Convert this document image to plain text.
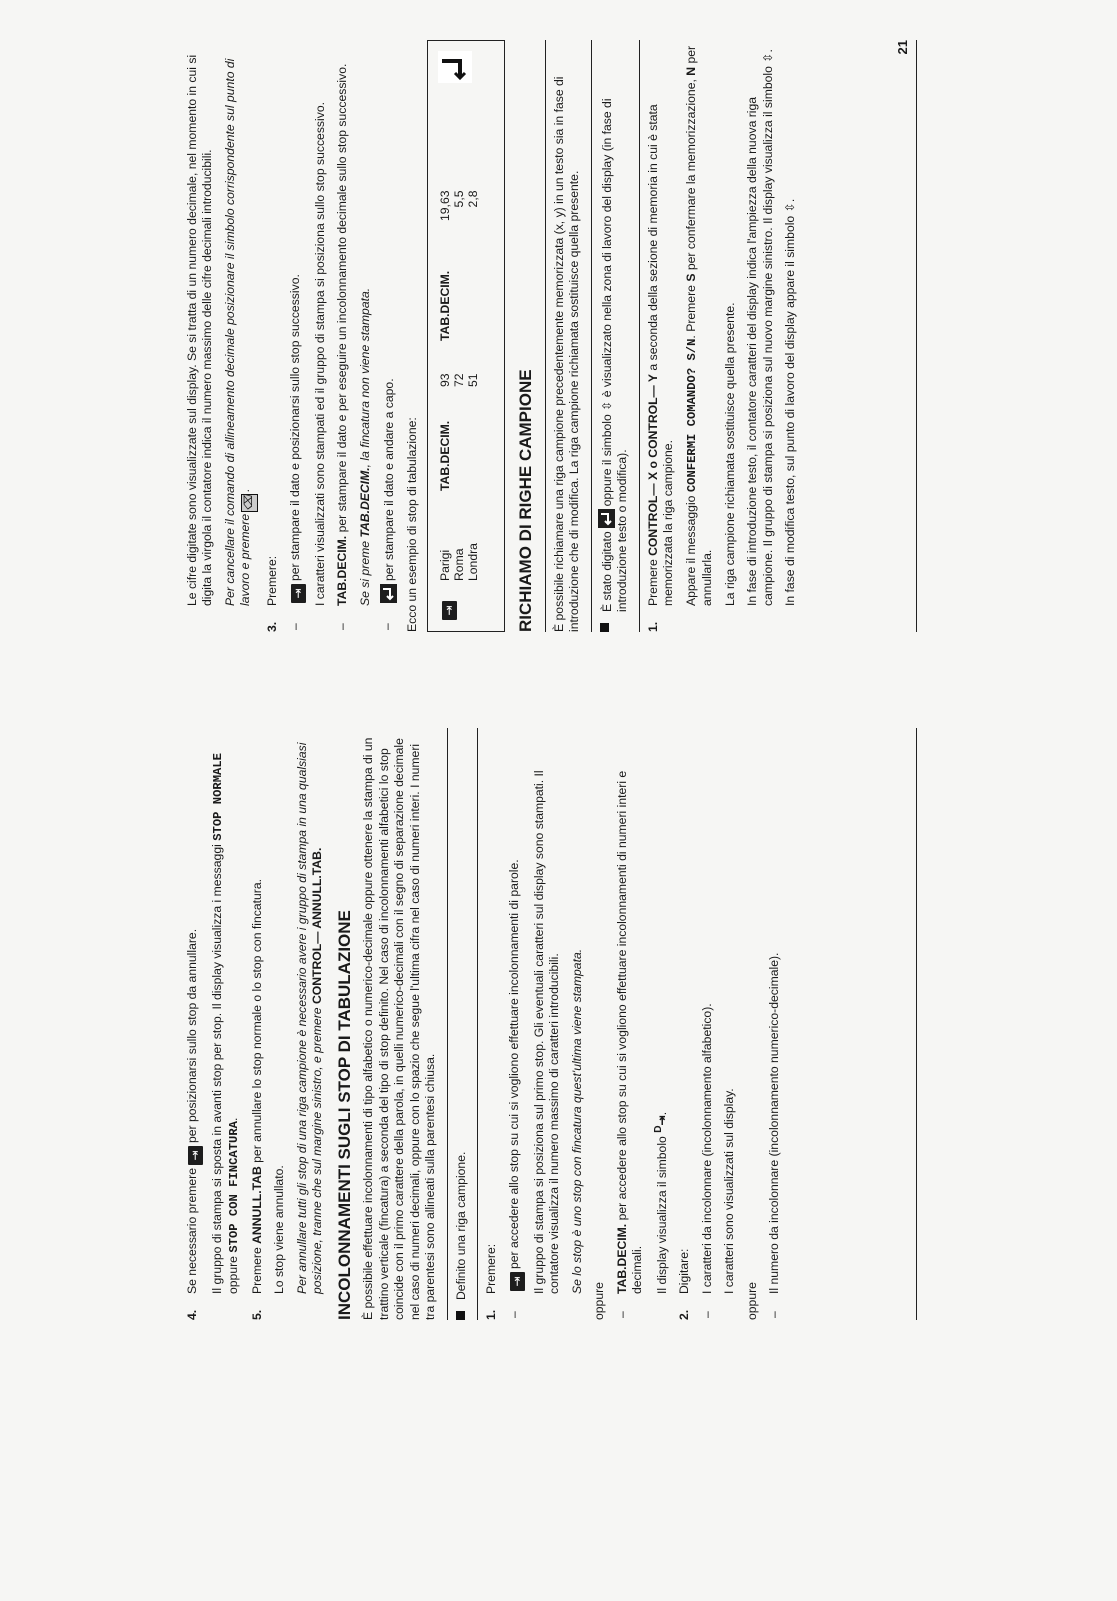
4.

Se necessario premere⇥per posizionarsi sullo stop da annullare. Il gruppo di stampa si sposta in avanti stop per stop. Il display visualizza i messaggi STOP NORMALE oppure STOP CON FINCATURA.

5.

Premere ANNULL.TAB per annullare lo stop normale o lo stop con fincatura.

Lo stop viene annullato. Per annullare tutti gli stop di una riga campione è necessario avere i gruppo di stampa in una qualsiasi posizione, tranne che sul margine sinistro, e premere CONTROL— ANNULL.TAB. INCOLONNAMENTI SUGLI STOP DI TABULAZIONE È possibile effettuare incolonnamenti di tipo alfabetico o numerico-decimale oppure ottenere la stampa di un trattino verticale (fincatura) a seconda del tipo di stop definito. Nel caso di incolonnamenti alfabetici lo stop coincide con il primo carattere della parola, in quelli numerico-decimali con il segno di separazione decimale nel caso di numeri decimali, oppure con lo spazio che segue l'ultima cifra nel caso di numeri interi. I numeri tra parentesi sono allineati sulla parentesi chiusa. Definito una riga campione.
1.

Premere:

–

⇥per accedere allo stop su cui si vogliono effettuare incolonnamenti di parole. Il gruppo di stampa si posiziona sul primo stop. Gli eventuali caratteri sul display sono stampati. Il contatore visualizza il numero massimo di caratteri introducibili. Se lo stop è uno stop con fincatura quest'ultima viene stampata.

oppure –

TAB.DECIM. per accedere allo stop su cui si vogliono effettuare incolonnamenti di numeri interi e decimali. Il display visualizza il simbolo $^D$⇥.

2.

Digitare:

–

I caratteri da incolonnare (incolonnamento alfabetico). I caratteri sono visualizzati sul display.

oppure –

Il numero da incolonnare (incolonnamento numerico-decimale).

Le cifre digitate sono visualizzate sul display. Se si tratta di un numero decimale, nel momento in cui si digita la virgola il contatore indica il numero massimo delle cifre decimali introducibili. Per cancellare il comando di allineamento decimale posizionare il simbolo corrispondente sul punto di lavoro e premere⌫.

3.

Premere:

–

⇥per stampare il dato e posizionarsi sullo stop successivo. I caratteri visualizzati sono stampati ed il gruppo di stampa si posiziona sullo stop successivo.

–

TAB.DECIM. per stampare il dato e per eseguire un incolonnamento decimale sullo stop successivo.

Se si preme TAB.DECIM., la fincatura non viene stampata.

–

per stampare il dato e andare a capo. Ecco un esempio di stop di tabulazione: ⇥
Parigi Roma Londra
TAB.DECIM.
93 72 51
TAB.DECIM.
19,63 5,5 2,8
RICHIAMO DI RIGHE CAMPIONE È possibile richiamare una riga campione precedentemente memorizzata (x, y) in un testo sia in fase di introduzione che di modifica. La riga campione richiamata sostituisce quella presente. È stato digitatooppure il simbolo ⇳ è visualizzato nella zona di lavoro del display (in fase di introduzione testo o modifica).
1.

Premere CONTROL— X o CONTROL— Y a seconda della sezione di memoria in cui è stata memorizzata la riga campione. Appare il messaggio CONFERMI COMANDO? S/N. Premere S per confermare la memorizzazione, N per annullarla. La riga campione richiamata sostituisce quella presente. In fase di introduzione testo, il contatore caratteri del display indica l'ampiezza della nuova riga campione. Il gruppo di stampa si posiziona sul nuovo margine sinistro. Il display visualizza il simbolo ⇳.

In fase di modifica testo, sul punto di lavoro del display appare il simbolo ⇳.

21
